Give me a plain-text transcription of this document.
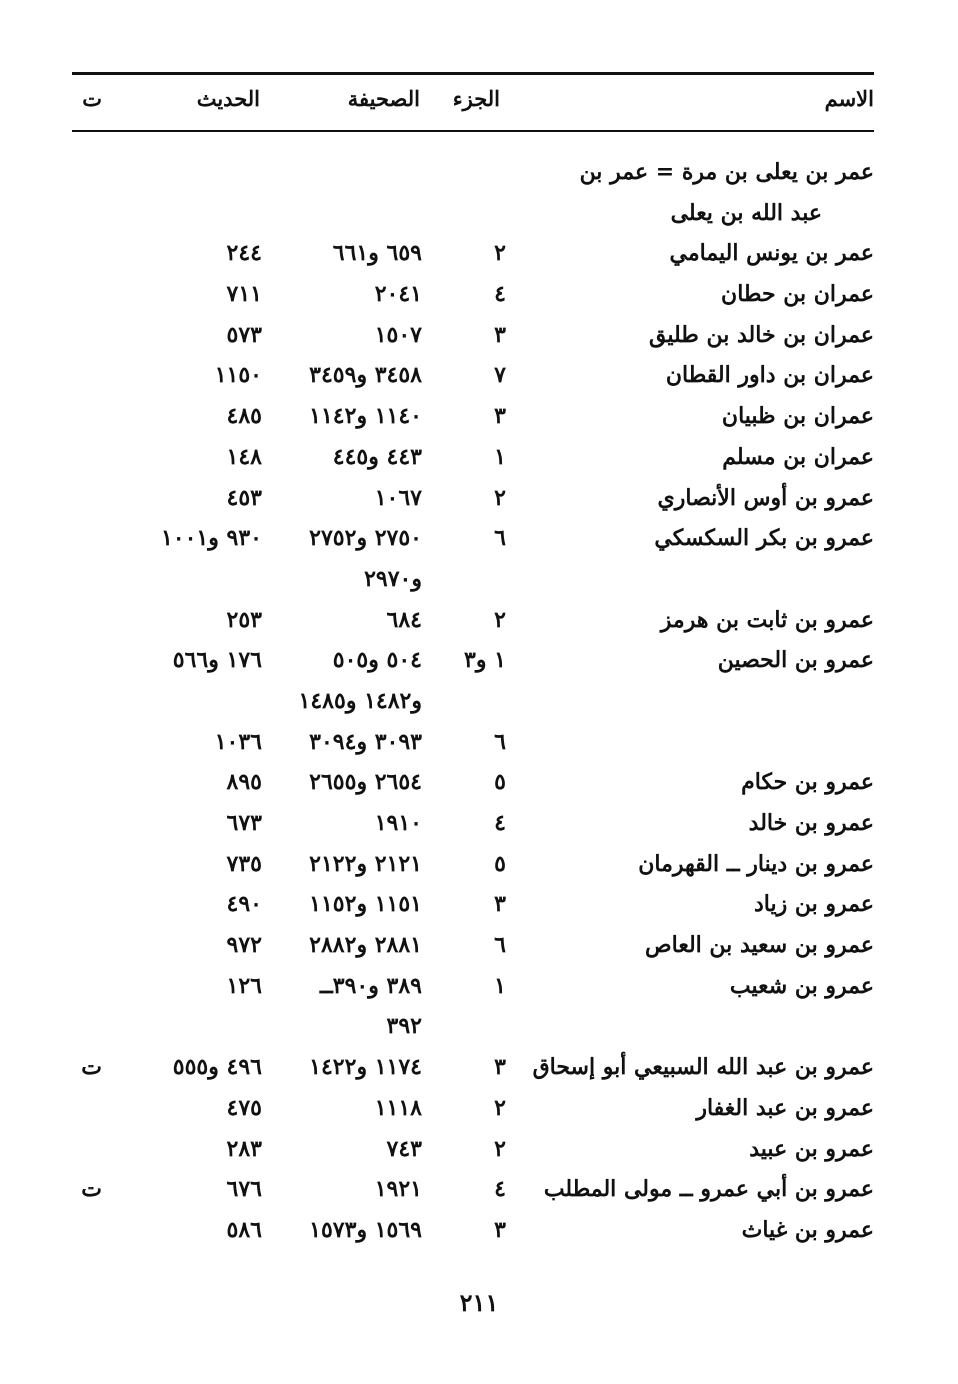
الاسم
الجزء
الصحيفة
الحديث
ت
عمر بن يعلى بن مرة = عمر بن
عبد الله بن يعلى
عمر بن يونس اليمامي
٢
٦٥٩ و٦٦١
٢٤٤
عمران بن حطان
٤
٢٠٤١
٧١١
عمران بن خالد بن طليق
٣
١٥٠٧
٥٧٣
عمران بن داور القطان
٧
٣٤٥٨ و٣٤٥٩
١١٥٠
عمران بن ظبيان
٣
١١٤٠ و١١٤٢
٤٨٥
عمران بن مسلم
١
٤٤٣ و٤٤٥
١٤٨
عمرو بن أوس الأنصاري
٢
١٠٦٧
٤٥٣
عمرو بن بكر السكسكي
٦
٢٧٥٠ و٢٧٥٢
٩٣٠ و١٠٠١
و٢٩٧٠
عمرو بن ثابت بن هرمز
٢
٦٨٤
٢٥٣
عمرو بن الحصين
١ و٣
٥٠٤ و٥٠٥
١٧٦ و٥٦٦
و١٤٨٢ و١٤٨٥
٦
٣٠٩٣ و٣٠٩٤
١٠٣٦
عمرو بن حكام
٥
٢٦٥٤ و٢٦٥٥
٨٩٥
عمرو بن خالد
٤
١٩١٠
٦٧٣
عمرو بن دينار ــ القهرمان
٥
٢١٢١ و٢١٢٢
٧٣٥
عمرو بن زياد
٣
١١٥١ و١١٥٢
٤٩٠
عمرو بن سعيد بن العاص
٦
٢٨٨١ و٢٨٨٢
٩٧٢
عمرو بن شعيب
١
٣٨٩ و٣٩٠ــ
١٢٦
٣٩٢
عمرو بن عبد الله السبيعي أبو إسحاق
٣
١١٧٤ و١٤٢٢
٤٩٦ و٥٥٥
ت
عمرو بن عبد الغفار
٢
١١١٨
٤٧٥
عمرو بن عبيد
٢
٧٤٣
٢٨٣
عمرو بن أبي عمرو ــ مولى المطلب
٤
١٩٢١
٦٧٦
ت
عمرو بن غياث
٣
١٥٦٩ و١٥٧٣
٥٨٦
٢١١
